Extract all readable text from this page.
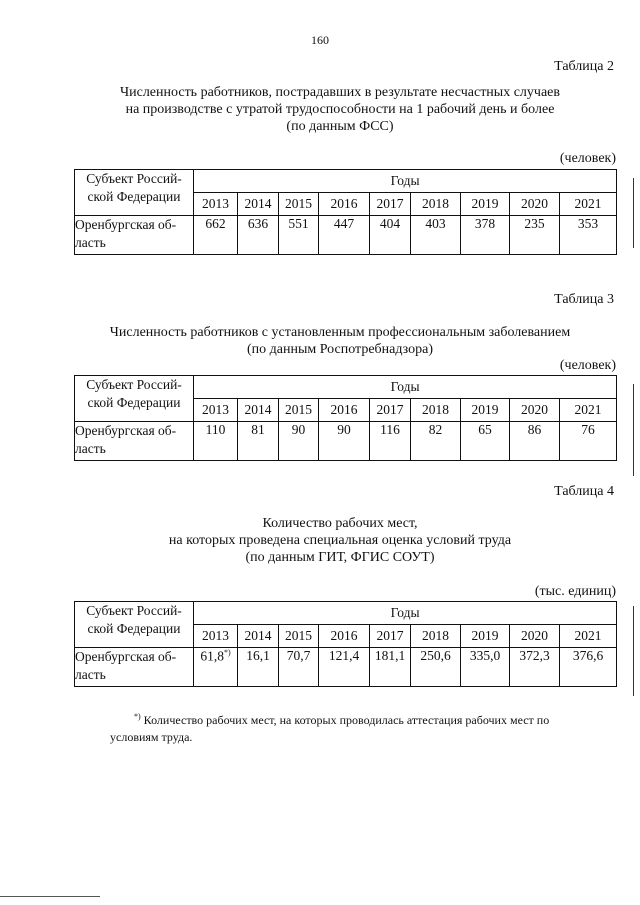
160
Таблица 2
Численность работников, пострадавших в результате несчастных случаев
на производстве с утратой трудоспособности на 1 рабочий день и более
(по данным ФСС)
(человек)
Субъект Россий-ской Федерации	Годы								
	2013	2014	2015	2016	2017	2018	2019	2020	2021
Оренбургская об-ласть	662	636	551	447	404	403	378	235	353
Таблица 3
Численность работников с установленным профессиональным заболеванием
(по данным Роспотребнадзора)
(человек)
Субъект Россий-ской Федерации	Годы								
	2013	2014	2015	2016	2017	2018	2019	2020	2021
Оренбургская об-ласть	110	81	90	90	116	82	65	86	76
Таблица 4
Количество рабочих мест,
на которых проведена специальная оценка условий труда
(по данным ГИТ, ФГИС СОУТ)
(тыс. единиц)
Субъект Россий-ской Федерации	Годы								
	2013	2014	2015	2016	2017	2018	2019	2020	2021
Оренбургская об-ласть	61,8*)	16,1	70,7	121,4	181,1	250,6	335,0	372,3	376,6
*) Количество рабочих мест, на которых проводилась аттестация рабочих мест по условиям труда.
